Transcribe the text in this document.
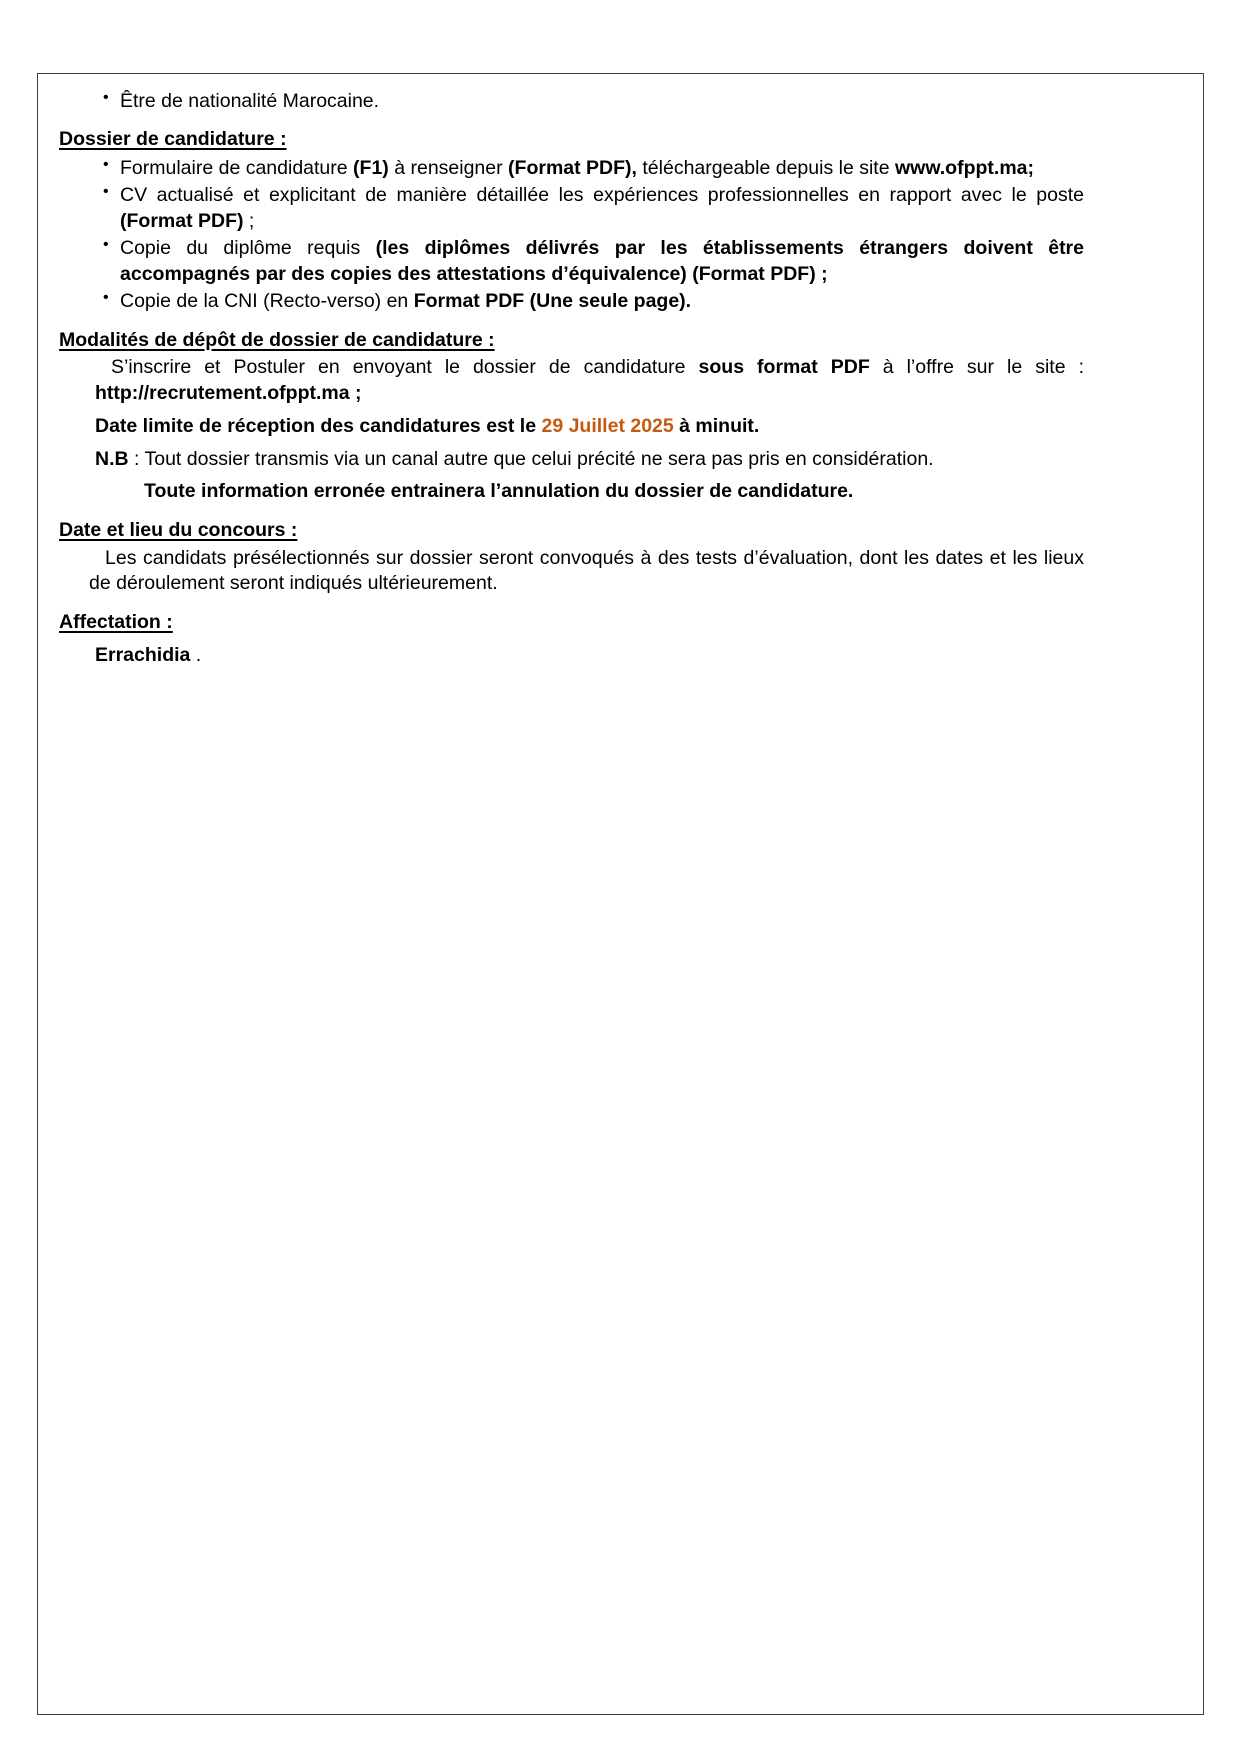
• Être de nationalité Marocaine.

Dossier de candidature :

• Formulaire de candidature (F1) à renseigner (Format PDF), téléchargeable depuis le site www.ofppt.ma;
• CV actualisé et explicitant de manière détaillée les expériences professionnelles en rapport avec le poste (Format PDF) ;
• Copie du diplôme requis (les diplômes délivrés par les établissements étrangers doivent être accompagnés par des copies des attestations d’équivalence) (Format PDF) ;
• Copie de la CNI (Recto-verso) en Format PDF (Une seule page).

Modalités de dépôt de dossier de candidature :

S’inscrire et Postuler en envoyant le dossier de candidature sous format PDF à l’offre sur le site : http://recrutement.ofppt.ma ;

Date limite de réception des candidatures est le 29 Juillet 2025 à minuit.

N.B : Tout dossier transmis via un canal autre que celui précité ne sera pas pris en considération.

Toute information erronée entrainera l’annulation du dossier de candidature.

Date et lieu du concours :

Les candidats présélectionnés sur dossier seront convoqués à des tests d’évaluation, dont les dates et les lieux de déroulement seront indiqués ultérieurement.

Affectation :

Errachidia .
